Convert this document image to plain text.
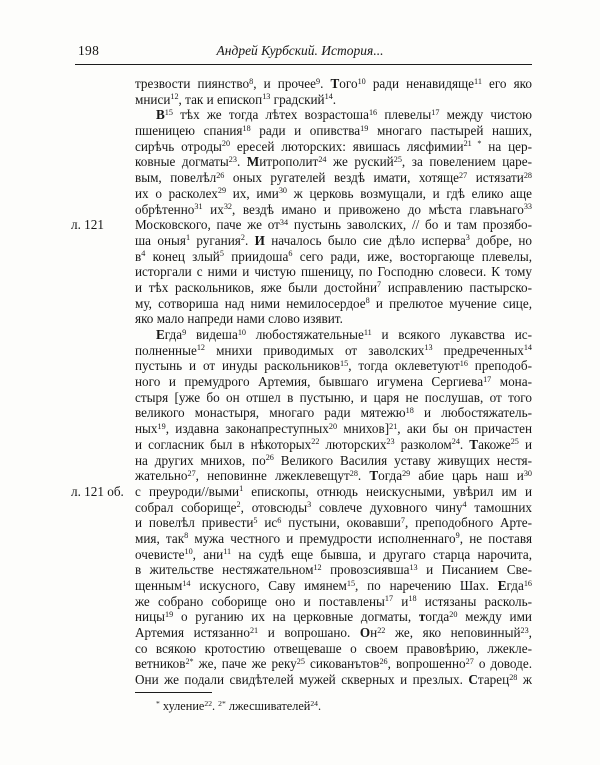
198	Андрей Курбский. История...
трезвости пиянство$^8$, и прочее$^9$. Того$^{10}$ ради ненавидяще$^{11}$ его яко
мниси$^{12}$, так и епископ$^{13}$ градский$^{14}$.
$В^{15}$ тѣх же тогда лѣтех возрастоша$^{16}$ плевелы$^{17}$ между чистою
пшеницею спания$^{18}$ ради и опивства$^{19}$ многаго пастырей наших,
сирѣчь отроды$^{20}$ ересей люторских: явишась лясфимии$^{21 *}$ на цер-
ковные догматы$^{23}$. Митрополит$^{24}$ же руский$^{25}$, за повелением царе-
вым, повелѣл$^{26}$ оных ругателей вездѣ имати, хотяще$^{27}$ истязати$^{28}$
их о расколех$^{29}$ их, ими$^{30}$ ж церковь возмущали, и гдѣ елико аще
обрѣтенно$^{31}$ $их^{32}$, вездѣ имано и привожено до мѣста главънаго$^{33}$
л. 121	Московского, паче же $от^{34}$ пустынь заволских, // бо и там прозябо-
ша оныя$^1$ ругания$^2$. И началось было сие дѣло исперва$^3$ добре, но
$в^4$ конец злый$^5$ приидоша$^6$ сего ради, иже, восторгающе плевелы,
исторгали с ними и чистую пшеницу, по Господню словеси. К тому
и тѣх раскольников, яже были достойни$^7$ исправлению пастырско-
му, сотвориша над ними немилосердое$^8$ и прелютое мучение сице,
яко мало напреди нами слово изявит.
Егда$^9$ видеша$^{10}$ любостяжательные$^{11}$ и всякого лукавства ис-
полненные$^{12}$ мнихи приводимых от заволских$^{13}$ предреченных$^{14}$
пустынь и от инуды раскольников$^{15}$, тогда оклеветуют$^{16}$ преподоб-
ного и премудрого Артемия, бывшаго игумена Сергиева$^{17}$ мона-
стыря [уже бо он отшел в пустыню, и царя не послушав, от того
великого монастыря, многаго ради мятежю$^{18}$ и любостяжатель-
ных$^{19}$, издавна законапреступных$^{20}$ мнихов]$^{21}$, аки бы он причастен
и согласник был в нѣкоторых$^{22}$ люторских$^{23}$ разколом$^{24}$. Такоже$^{25}$ и
на других мнихов, $по^{26}$ Великого Василия уставу живущих нестя-
жательно$^{27}$, неповинне лжеклевещут$^{28}$. Тогда$^{29}$ абие царь наш $и^{30}$
л. 121 об. с преуроди//выми$^1$ епископы, отнюдь неискусными, увѣрил им и
собрал соборище$^2$, отовсюды$^3$ совлече духовного чину$^4$ тамошних
и повелѣл привести$^5$ $ис^6$ пустыни, оковавши$^7$, преподобного Арте-
мия, так$^8$ мужа честного и премудрости исполненнаго$^9$, не поставя
очевисте$^{10}$, ани$^{11}$ на судѣ еще бывша, и другаго старца нарочита,
в жительстве нестяжательном$^{12}$ провозсиявша$^{13}$ и Писанием Све-
щенным$^{14}$ искусного, Саву имянем$^{15}$, по наречению Шах. Егда$^{16}$
же собрано соборище оно и поставлены$^{17}$ $и^{18}$ истязаны расколь-
ницы$^{19}$ о руганию их на церковные догматы, тогда$^{20}$ между ими
Артемия истязанно$^{21}$ и вопрошано. $Он^{22}$ же, яко неповинный$^{23}$,
со всякою кротостию отвещеваше о своем правовѣрию, лжекле-
ветников$^{2*}$ же, паче же реку$^{25}$ сикованътов$^{26}$, вопрошенно$^{27}$ о доводе.
Они же подали свидѣтелей мужей скверных и презлых. Старец$^{28}$ ж
* хуление$^{22}$. $^{2*}$ лжесшивателей$^{24}$.
